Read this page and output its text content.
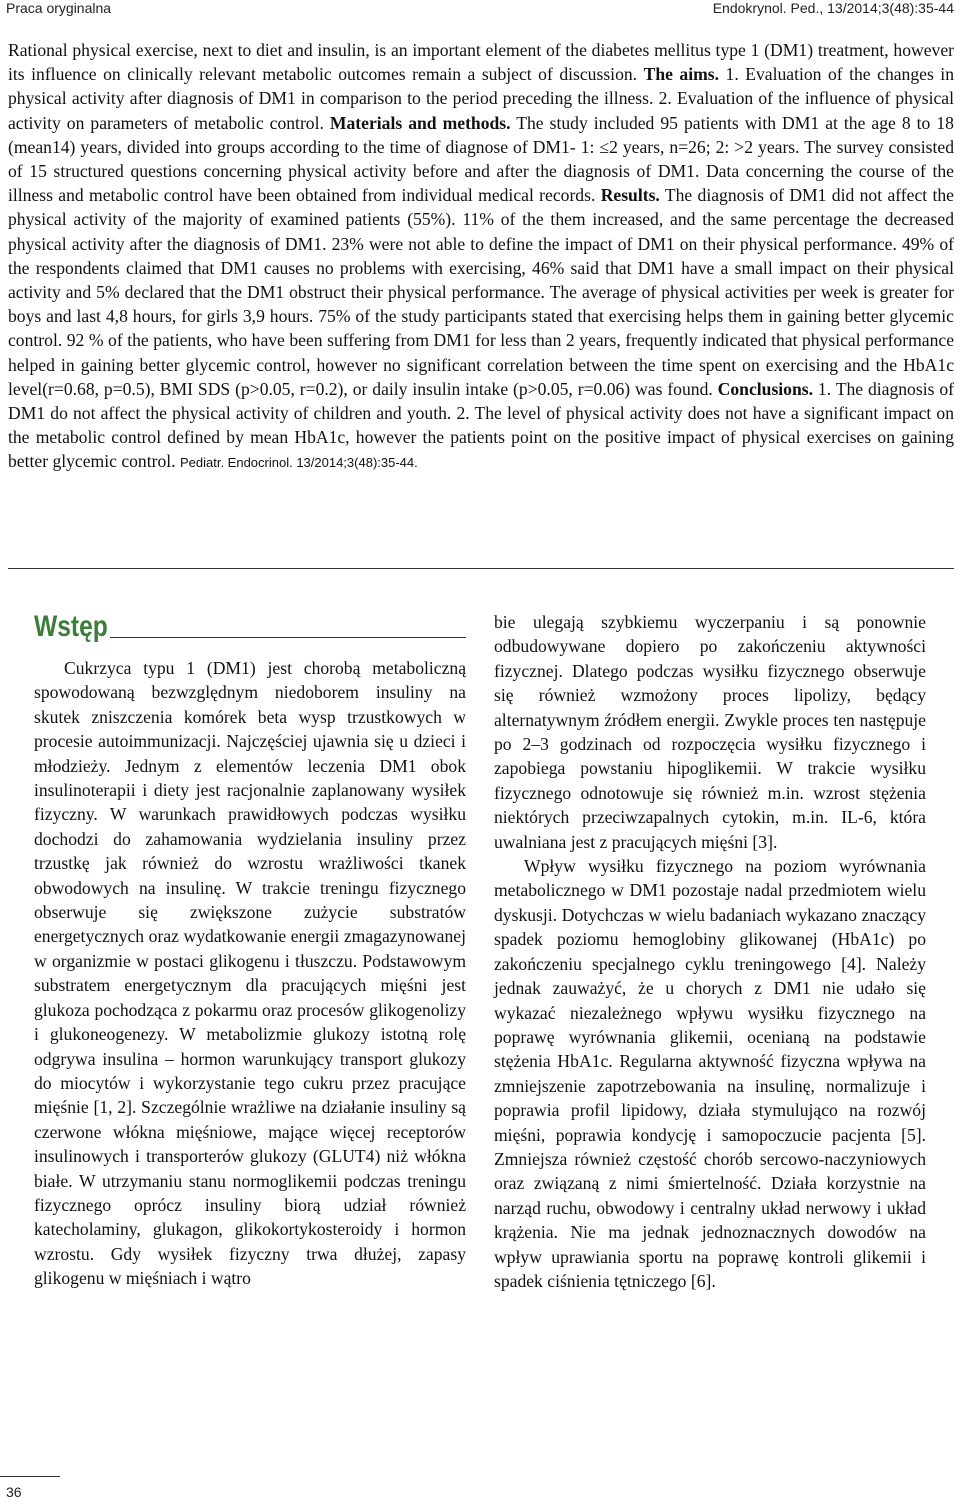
Praca oryginalna	Endokrynol. Ped., 13/2014;3(48):35-44
Rational physical exercise, next to diet and insulin, is an important element of the diabetes mellitus type 1 (DM1) treatment, however its influence on clinically relevant metabolic outcomes remain a subject of discussion. The aims. 1. Evaluation of the changes in physical activity after diagnosis of DM1 in comparison to the period preceding the illness. 2. Evaluation of the influence of physical activity on parameters of metabolic control. Materials and methods. The study included 95 patients with DM1 at the age 8 to 18 (mean14) years, divided into groups according to the time of diagnose of DM1- 1: ≤2 years, n=26; 2: >2 years. The survey consisted of 15 structured questions concerning physical activity before and after the diagnosis of DM1. Data concerning the course of the illness and metabolic control have been obtained from individual medical records. Results. The diagnosis of DM1 did not affect the physical activity of the majority of examined patients (55%). 11% of the them increased, and the same percentage the decreased physical activity after the diagnosis of DM1. 23% were not able to define the impact of DM1 on their physical performance. 49% of the respondents claimed that DM1 causes no problems with exercising, 46% said that DM1 have a small impact on their physical activity and 5% declared that the DM1 obstruct their physical performance. The average of physical activities per week is greater for boys and last 4,8 hours, for girls 3,9 hours. 75% of the study participants stated that exercising helps them in gaining better glycemic control. 92 % of the patients, who have been suffering from DM1 for less than 2 years, frequently indicated that physical performance helped in gaining better glycemic control, however no significant correlation between the time spent on exercising and the HbA1c level(r=0.68, p=0.5), BMI SDS (p>0.05, r=0.2), or daily insulin intake (p>0.05, r=0.06) was found. Conclusions. 1. The diagnosis of DM1 do not affect the physical activity of children and youth. 2. The level of physical activity does not have a significant impact on the metabolic control defined by mean HbA1c, however the patients point on the positive impact of physical exercises on gaining better glycemic control. Pediatr. Endocrinol. 13/2014;3(48):35-44.
Wstęp

Cukrzyca typu 1 (DM1) jest chorobą metaboliczną spowodowaną bezwzględnym niedoborem insuliny na skutek zniszczenia komórek beta wysp trzustkowych w procesie autoimmunizacji. Najczęściej ujawnia się u dzieci i młodzieży. Jednym z elementów leczenia DM1 obok insulinoterapii i diety jest racjonalnie zaplanowany wysiłek fizyczny. W warunkach prawidłowych podczas wysiłku dochodzi do zahamowania wydzielania insuliny przez trzustkę jak również do wzrostu wrażliwości tkanek obwodowych na insulinę. W trakcie treningu fizycznego obserwuje się zwiększone zużycie substratów energetycznych oraz wydatkowanie energii zmagazynowanej w organizmie w postaci glikogenu i tłuszczu. Podstawowym substratem energetycznym dla pracujących mięśni jest glukoza pochodząca z pokarmu oraz procesów glikogenolizy i glukoneogenezy. W metabolizmie glukozy istotną rolę odgrywa insulina – hormon warunkujący transport glukozy do miocytów i wykorzystanie tego cukru przez pracujące mięśnie [1, 2]. Szczególnie wrażliwe na działanie insuliny są czerwone włókna mięśniowe, mające więcej receptorów insulinowych i transporterów glukozy (GLUT4) niż włókna białe. W utrzymaniu stanu normoglikemii podczas treningu fizycznego oprócz insuliny biorą udział również katecholaminy, glukagon, glikokortykosteroidy i hormon wzrostu. Gdy wysiłek fizyczny trwa dłużej, zapasy glikogenu w mięśniach i wątro

bie ulegają szybkiemu wyczerpaniu i są ponownie odbudowywane dopiero po zakończeniu aktywności fizycznej. Dlatego podczas wysiłku fizycznego obserwuje się również wzmożony proces lipolizy, będący alternatywnym źródłem energii. Zwykle proces ten następuje po 2–3 godzinach od rozpoczęcia wysiłku fizycznego i zapobiega powstaniu hipoglikemii. W trakcie wysiłku fizycznego odnotowuje się również m.in. wzrost stężenia niektórych przeciwzapalnych cytokin, m.in. IL-6, która uwalniana jest z pracujących mięśni [3].

Wpływ wysiłku fizycznego na poziom wyrównania metabolicznego w DM1 pozostaje nadal przedmiotem wielu dyskusji. Dotychczas w wielu badaniach wykazano znaczący spadek poziomu hemoglobiny glikowanej (HbA1c) po zakończeniu specjalnego cyklu treningowego [4]. Należy jednak zauważyć, że u chorych z DM1 nie udało się wykazać niezależnego wpływu wysiłku fizycznego na poprawę wyrównania glikemii, ocenianą na podstawie stężenia HbA1c. Regularna aktywność fizyczna wpływa na zmniejszenie zapotrzebowania na insulinę, normalizuje i poprawia profil lipidowy, działa stymulująco na rozwój mięśni, poprawia kondycję i samopoczucie pacjenta [5]. Zmniejsza również częstość chorób sercowo-naczyniowych oraz związaną z nimi śmiertelność. Działa korzystnie na narząd ruchu, obwodowy i centralny układ nerwowy i układ krążenia. Nie ma jednak jednoznacznych dowodów na wpływ uprawiania sportu na poprawę kontroli glikemii i spadek ciśnienia tętniczego [6].

36
